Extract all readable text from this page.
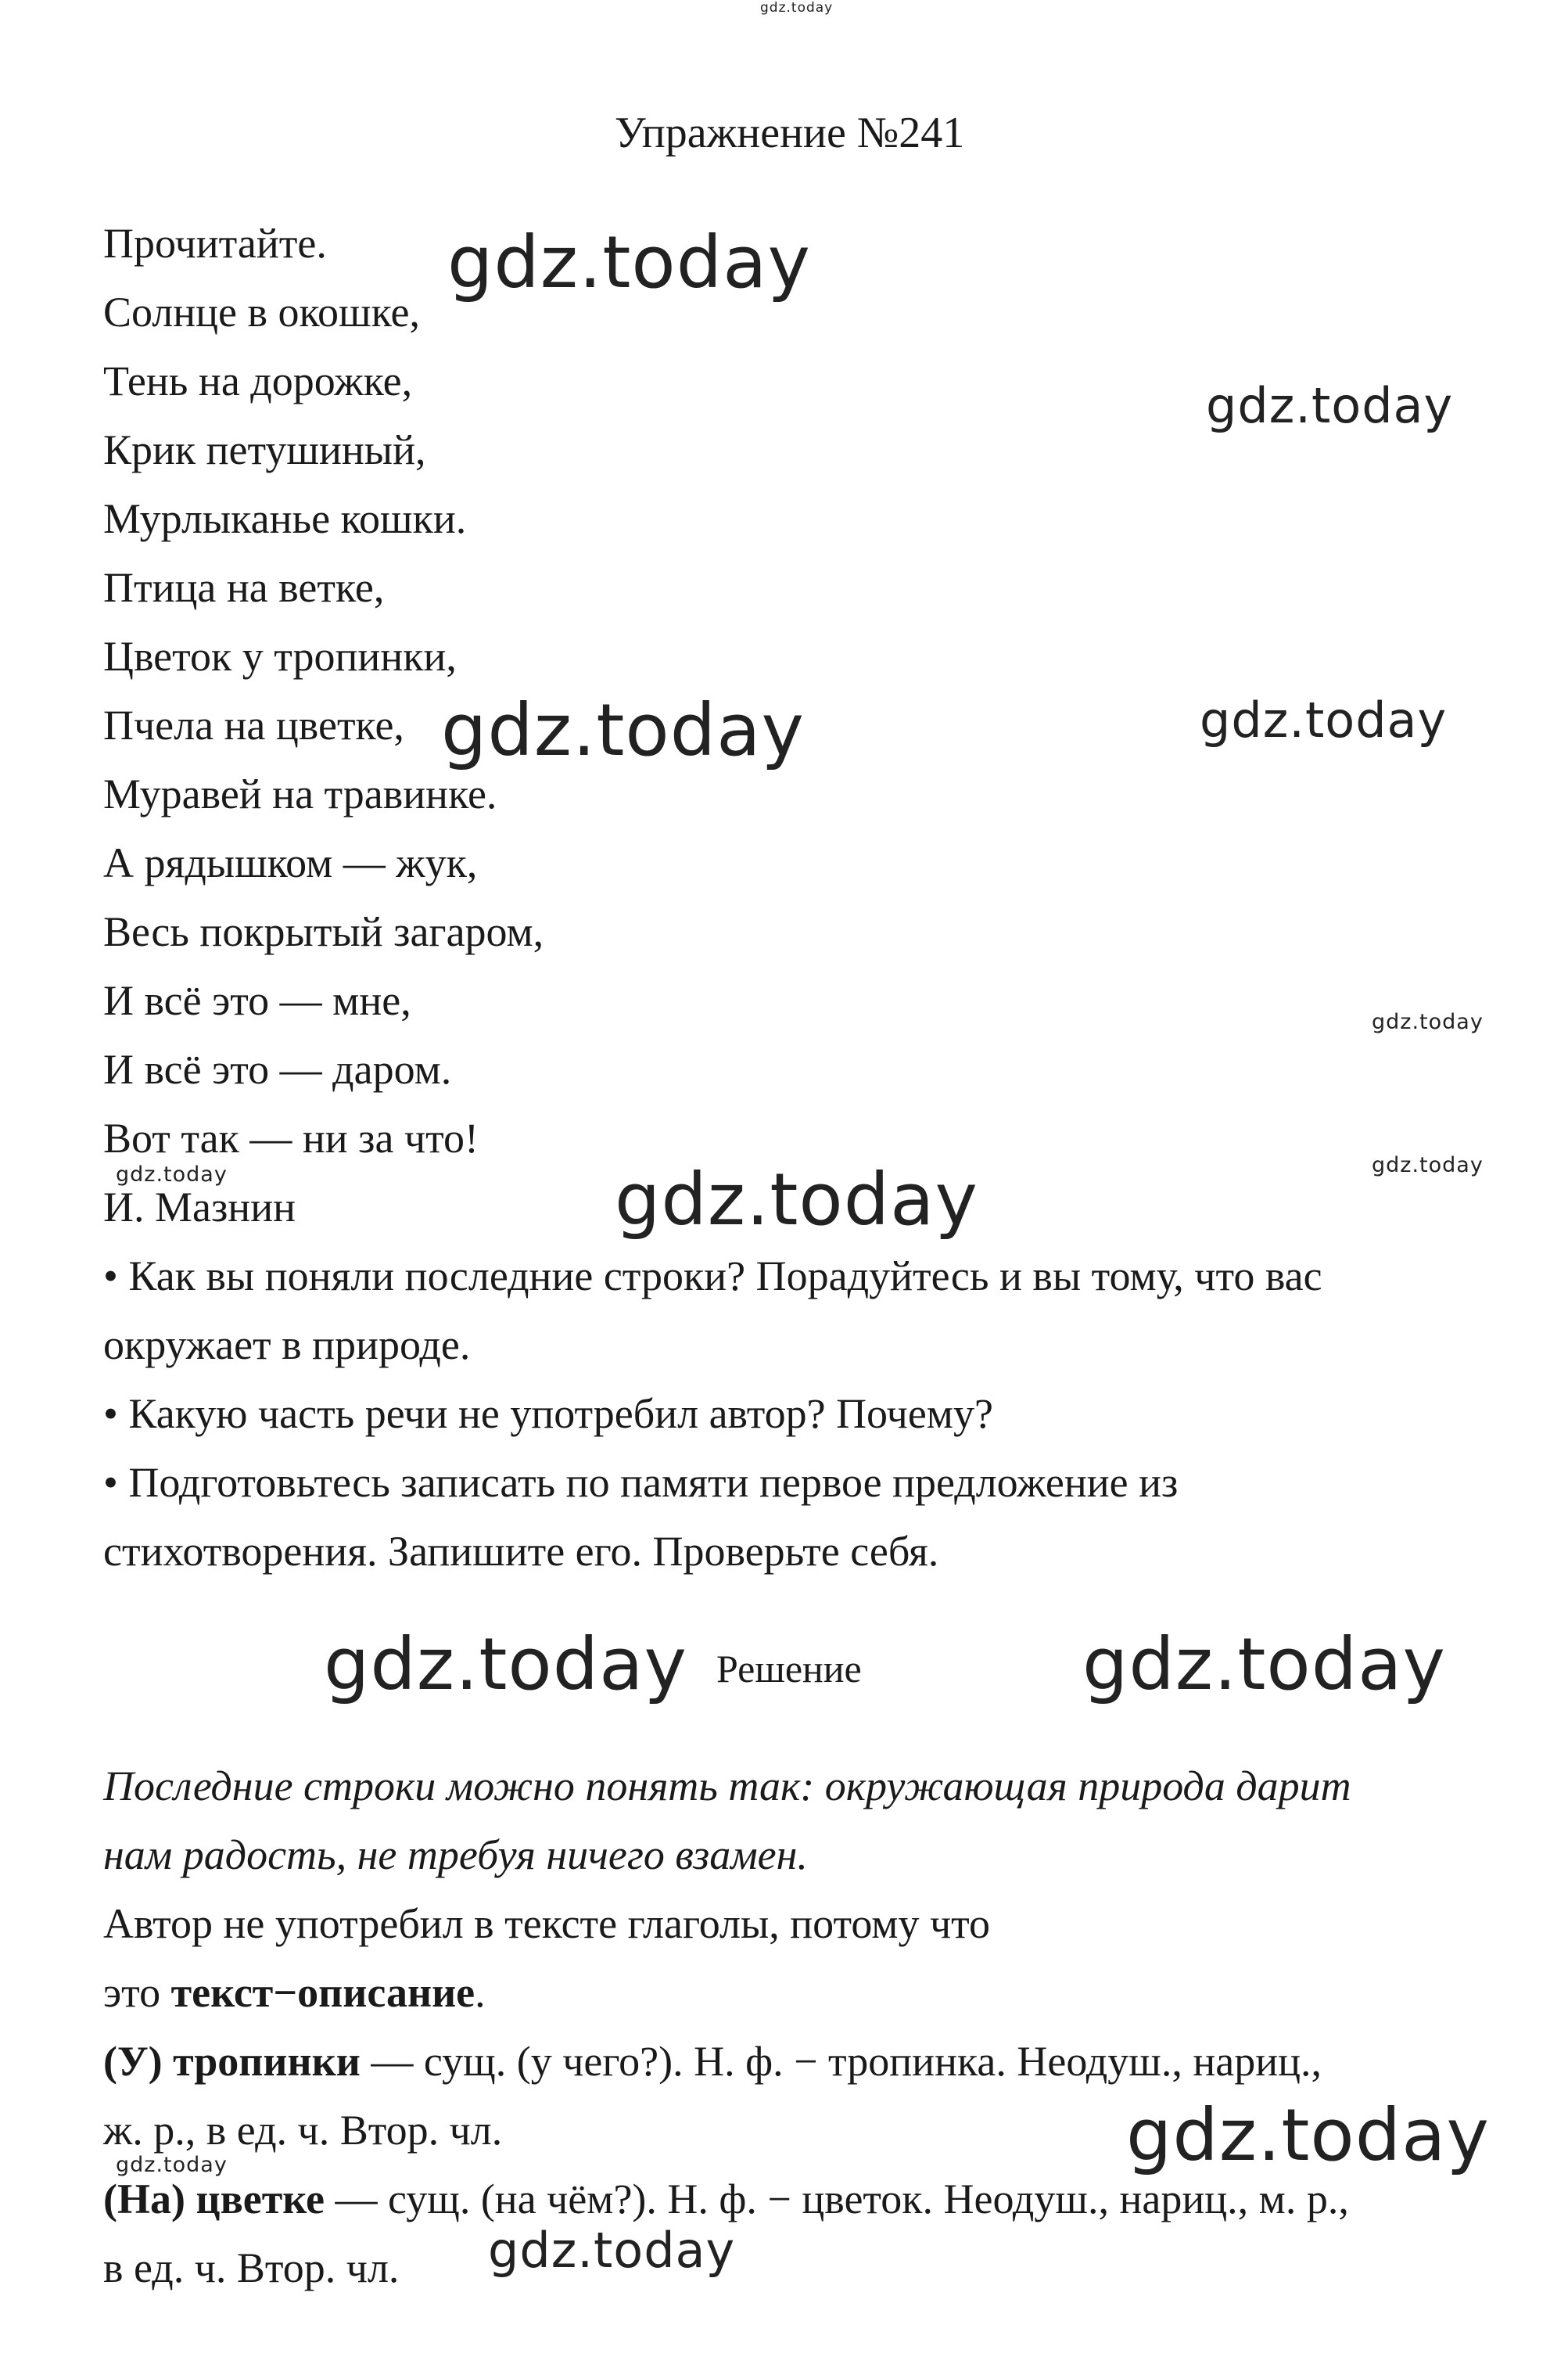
gdz.today
gdz.today
gdz.today
gdz.today	gdz.today
gdz.today
gdz.today
gdz.today	gdz.today
gdz.today	gdz.today
gdz.today
gdz.today
gdz.today
Упражнение №241
Прочитайте.
Солнце в окошке,
Тень на дорожке,
Крик петушиный,
Мурлыканье кошки.
Птица на ветке,
Цветок у тропинки,
Пчела на цветке,
Муравей на травинке.
А рядышком — жук,
Весь покрытый загаром,
И всё это — мне,
И всё это — даром.
Вот так — ни за что!
И. Мазнин
• Как вы поняли последние строки? Порадуйтесь и вы тому, что вас
окружает в природе.
• Какую часть речи не употребил автор? Почему?
• Подготовьтесь записать по памяти первое предложение из
стихотворения. Запишите его. Проверьте себя.
Решение
Последние строки можно понять так: окружающая природа дарит
нам радость, не требуя ничего взамен.
Автор не употребил в тексте глаголы, потому что
это текст−описание.
(У) тропинки — сущ. (у чего?). Н. ф. − тропинка. Неодуш., нариц.,
ж. р., в ед. ч. Втор. чл.
(На) цветке — сущ. (на чём?). Н. ф. − цветок. Неодуш., нариц., м. р.,
в ед. ч. Втор. чл.
